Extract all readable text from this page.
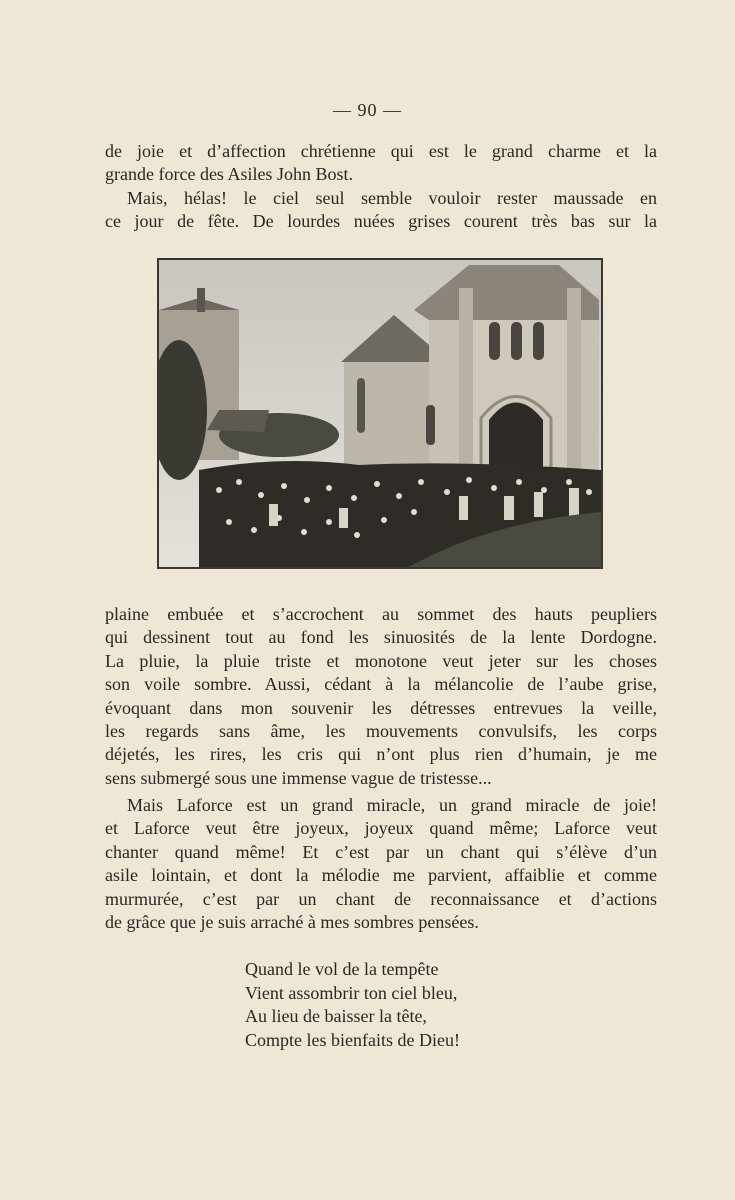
— 90 —
de joie et d’affection chrétienne qui est le grand charme et la
grande force des Asiles John Bost.
Mais, hélas! le ciel seul semble vouloir rester maussade en
ce jour de fête. De lourdes nuées grises courent très bas sur la
plaine embuée et s’accrochent au sommet des hauts peupliers
qui dessinent tout au fond les sinuosités de la lente Dordogne.
La pluie, la pluie triste et monotone veut jeter sur les choses
son voile sombre. Aussi, cédant à la mélancolie de l’aube grise,
évoquant dans mon souvenir les détresses entrevues la veille,
les regards sans âme, les mouvements convulsifs, les corps
déjetés, les rires, les cris qui n’ont plus rien d’humain, je me
sens submergé sous une immense vague de tristesse...
Mais Laforce est un grand miracle, un grand miracle de joie!
et Laforce veut être joyeux, joyeux quand même; Laforce veut
chanter quand même! Et c’est par un chant qui s’élève d’un
asile lointain, et dont la mélodie me parvient, affaiblie et comme
murmurée, c’est par un chant de reconnaissance et d’actions
de grâce que je suis arraché à mes sombres pensées.
Quand le vol de la tempête
Vient assombrir ton ciel bleu,
Au lieu de baisser la tête,
Compte les bienfaits de Dieu!
